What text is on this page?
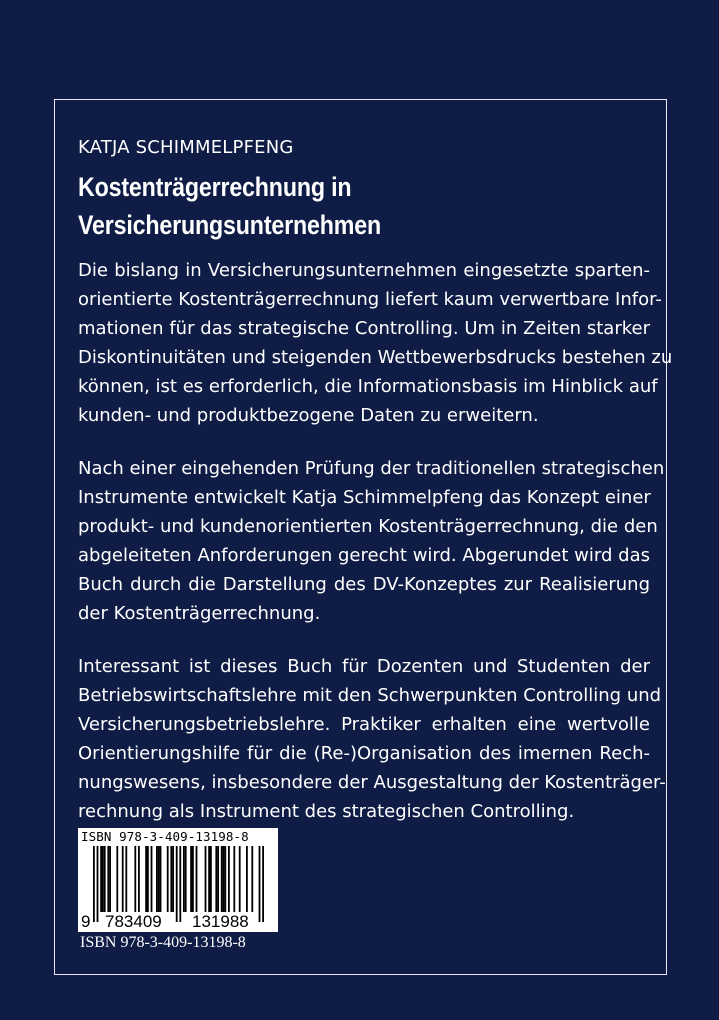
KATJA SCHIMMELPFENG
Kostenträgerrechnung in
Versicherungsunternehmen

Die bislang in Versicherungsunternehmen eingesetzte sparten-
orientierte Kostenträgerrechnung liefert kaum verwertbare Infor-
mationen für das strategische Controlling. Um in Zeiten starker
Diskontinuitäten und steigenden Wettbewerbsdrucks bestehen zu
können, ist es erforderlich, die Informationsbasis im Hinblick auf
kunden- und produktbezogene Daten zu erweitern.

Nach einer eingehenden Prüfung der traditionellen strategischen
Instrumente entwickelt Katja Schimmelpfeng das Konzept einer
produkt- und kundenorientierten Kostenträgerrechnung, die den
abgeleiteten Anforderungen gerecht wird. Abgerundet wird das
Buch durch die Darstellung des DV-Konzeptes zur Realisierung
der Kostenträgerrechnung.

Interessant ist dieses Buch für Dozenten und Studenten der
Betriebswirtschaftslehre mit den Schwerpunkten Controlling und
Versicherungsbetriebslehre. Praktiker erhalten eine wertvolle
Orientierungshilfe für die (Re-)Organisation des imernen Rech-
nungswesens, insbesondere der Ausgestaltung der Kostenträger-
rechnung als Instrument des strategischen Controlling.

ISBN 978-3-409-13198-8
9 783409 131988
ISBN 978-3-409-13198-8
